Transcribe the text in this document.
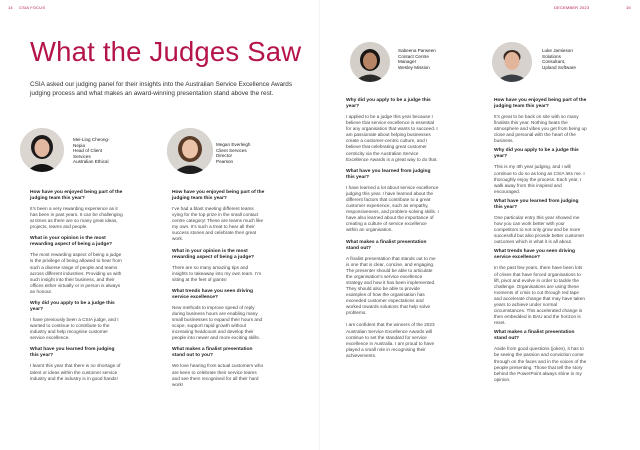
14 CSIA FOCUS
What the Judges Saw

CSIA asked our judging panel for their insights into the Australian Service Excellence Awards judging process and what makes an award-winning presentation stand above the rest.

Mei-Ling Cheong-
Nepia
Head of Client
Services
Australian Ethical
How have you enjoyed being part of the judging team this year?
It’s been a very rewarding experience as it has been in past years. It can be challenging at times as there are so many great ideas, projects, teams and people.
What in your opinion is the most rewarding aspect of being a judge?
The most rewarding aspect of being a judge is the privilege of being allowed to hear from such a diverse range of people and teams across different industries. Providing us with such insight into their business, and their offices either virtually or in person is always an honour.
Why did you apply to be a judge this year?
I have previously been a CSIA judge, and I wanted to continue to contribute to the industry and help recognise customer service excellence.
What have you learned from judging this year?
I learnt this year that there is no shortage of talent or ideas within the customer service industry and the industry is in good hands!
Megan Everleigh
Client Services
Director
Pearson
How have you enjoyed being part of the judging team this year?
I’ve had a blast meeting different teams vying for the top prize in the small contact centre category! These are teams much like my own. It’s such a treat to hear all their success stories and celebrate their great work.
What in your opinion is the most rewarding aspect of being a judge?
There are so many amazing tips and insights to takeaway into my own team. I’m sitting at the feet of giants!
What trends have you seen driving service excellence?
New methods to improve speed of reply during business hours are enabling many small businesses to expand their hours and scope, support rapid growth without increasing headcount and develop their people into newer and more exciting skills.
What makes a finalist presentation stand out to you?
We love hearing from actual customers who are keen to celebrate their service teams and see them recognised for all their hard work!
DECEMBER 2023	15
Sabeena Parween
Contact Centre
Manager
Wesley Mission
Why did you apply to be a judge this year?
I applied to be a judge this year because I believe that service excellence is essential for any organisation that wants to succeed. I am passionate about helping businesses create a customer-centric culture, and I believe that celebrating great customer centricity via the Australian Service Excellence Awards is a great way to do that.
What have you learned from judging this year?
I have learned a lot about service excellence judging this year. I have learned about the different factors that contribute to a great customer experience, such as empathy, responsiveness, and problem-solving skills. I have also learned about the importance of creating a culture of service excellence within an organisation.
What makes a finalist presentation stand out?
A finalist presentation that stands out to me is one that is clear, concise, and engaging. The presenter should be able to articulate the organisation’s service excellence strategy and how it has been implemented. They should also be able to provide examples of how the organisation has exceeded customer expectations and worked towards solutions that help solve problems.
I am confident that the winners of the 2023 Australian Service Excellence Awards will continue to set the standard for service excellence in Australia. I am proud to have played a small role in recognising their achievements.
Luke Jamieson
Solutions
Consultant,
Upland Software
How have you enjoyed being part of the judging team this year?
It’s great to be back on site with so many finalists this year. Nothing beats the atmosphere and vibes you get from being up close and personal with the heart of the business.
Why did you apply to be a judge this year?
This is my 4th year judging, and I will continue to do so as long as CSIA lets me. I thoroughly enjoy the process. Each year, I walk away from this inspired and encouraged.
What have you learned from judging this year?
One particular entry this year showed me how you can work better with your competitors to not only grow and be more successful but also provide better customer outcomes which is what it is all about.
What trends have you seen driving service excellence?
In the past few years, there have been lots of crises that have forced organisations to lift, pivot and evolve in order to tackle the challenge. Organisations are using these moments of crisis to cut through red tape and accelerate change that may have taken years to achieve under normal circumstances. This accelerated change is then embedded in BAU and the horizon is reset.
What makes a finalist presentation stand out?
Aside from good questions (jokes), it has to be seeing the passion and conviction come through on the faces and in the voices of the people presenting. Those that tell the story behind the PowerPoint always shine in my opinion.
